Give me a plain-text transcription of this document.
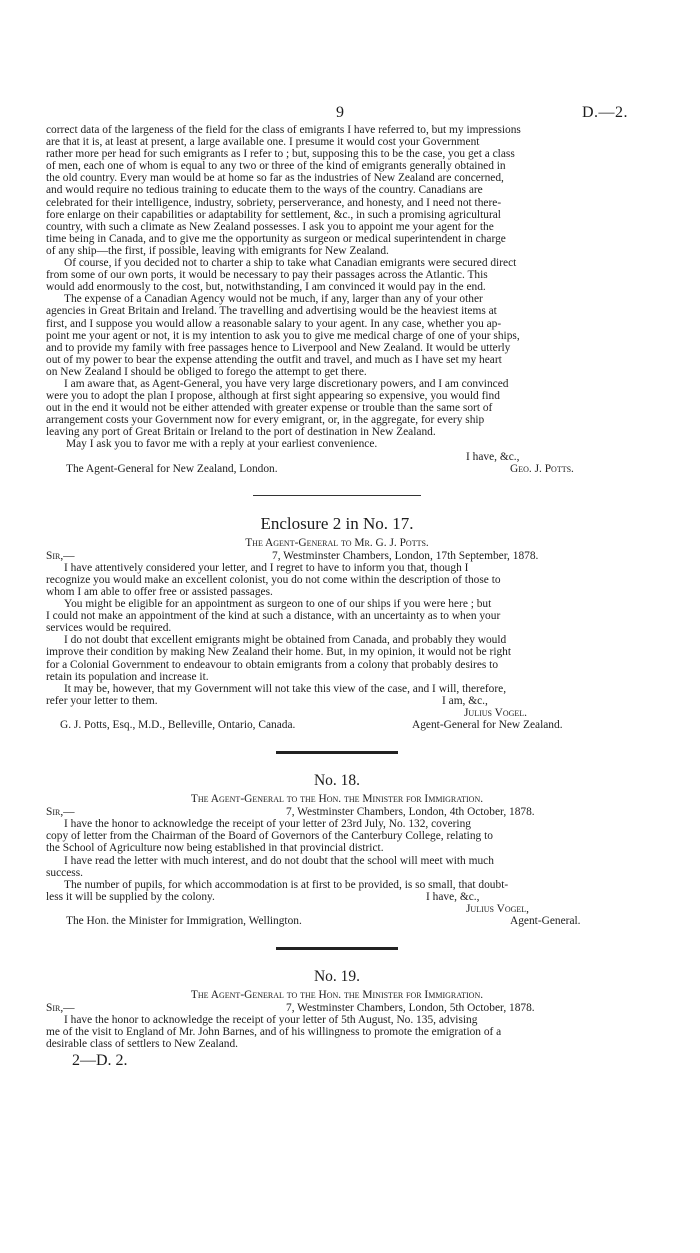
9	D.—2.

correct data of the largeness of the field for the class of emigrants I have referred to, but my impressions

are that it is, at least at present, a large available one. I presume it would cost your Government

rather more per head for such emigrants as I refer to ; but, supposing this to be the case, you get a class

of men, each one of whom is equal to any two or three of the kind of emigrants generally obtained in

the old country. Every man would be at home so far as the industries of New Zealand are concerned,

and would require no tedious training to educate them to the ways of the country. Canadians are

celebrated for their intelligence, industry, sobriety, perserverance, and honesty, and I need not there-

fore enlarge on their capabilities or adaptability for settlement, &c., in such a promising agricultural

country, with such a climate as New Zealand possesses. I ask you to appoint me your agent for the

time being in Canada, and to give me the opportunity as surgeon or medical superintendent in charge

of any ship—the first, if possible, leaving with emigrants for New Zealand.

Of course, if you decided not to charter a ship to take what Canadian emigrants were secured direct

from some of our own ports, it would be necessary to pay their passages across the Atlantic. This

would add enormously to the cost, but, notwithstanding, I am convinced it would pay in the end.

The expense of a Canadian Agency would not be much, if any, larger than any of your other

agencies in Great Britain and Ireland. The travelling and advertising would be the heaviest items at

first, and I suppose you would allow a reasonable salary to your agent. In any case, whether you ap-

point me your agent or not, it is my intention to ask you to give me medical charge of one of your ships,

and to provide my family with free passages hence to Liverpool and New Zealand. It would be utterly

out of my power to bear the expense attending the outfit and travel, and much as I have set my heart

on New Zealand I should be obliged to forego the attempt to get there.

I am aware that, as Agent-General, you have very large discretionary powers, and I am convinced

were you to adopt the plan I propose, although at first sight appearing so expensive, you would find

out in the end it would not be either attended with greater expense or trouble than the same sort of

arrangement costs your Government now for every emigrant, or, in the aggregate, for every ship

leaving any port of Great Britain or Ireland to the port of destination in New Zealand.

May I ask you to favor me with a reply at your earliest convenience.
I have, &c.,
The Agent-General for New Zealand, London.	Geo. J. Potts.
Enclosure 2 in No. 17.
The Agent-General to Mr. G. J. Potts.
Sir,—	7, Westminster Chambers, London, 17th September, 1878.

I have attentively considered your letter, and I regret to have to inform you that, though I

recognize you would make an excellent colonist, you do not come within the description of those to

whom I am able to offer free or assisted passages.

You might be eligible for an appointment as surgeon to one of our ships if you were here ; but

I could not make an appointment of the kind at such a distance, with an uncertainty as to when your

services would be required.

I do not doubt that excellent emigrants might be obtained from Canada, and probably they would

improve their condition by making New Zealand their home. But, in my opinion, it would not be right

for a Colonial Government to endeavour to obtain emigrants from a colony that probably desires to

retain its population and increase it.

It may be, however, that my Government will not take this view of the case, and I will, therefore,

refer your letter to them.	I am, &c.,
Julius Vogel.
G. J. Potts, Esq., M.D., Belleville, Ontario, Canada.	Agent-General for New Zealand.
No. 18.
The Agent-General to the Hon. the Minister for Immigration.
Sir,—	7, Westminster Chambers, London, 4th October, 1878.

I have the honor to acknowledge the receipt of your letter of 23rd July, No. 132, covering

copy of letter from the Chairman of the Board of Governors of the Canterbury College, relating to

the School of Agriculture now being established in that provincial district.

I have read the letter with much interest, and do not doubt that the school will meet with much

success.

The number of pupils, for which accommodation is at first to be provided, is so small, that doubt-

less it will be supplied by the colony.	I have, &c.,
Julius Vogel,
The Hon. the Minister for Immigration, Wellington.	Agent-General.
No. 19.
The Agent-General to the Hon. the Minister for Immigration.
Sir,—	7, Westminster Chambers, London, 5th October, 1878.

I have the honor to acknowledge the receipt of your letter of 5th August, No. 135, advising

me of the visit to England of Mr. John Barnes, and of his willingness to promote the emigration of a

desirable class of settlers to New Zealand.

2—D. 2.
